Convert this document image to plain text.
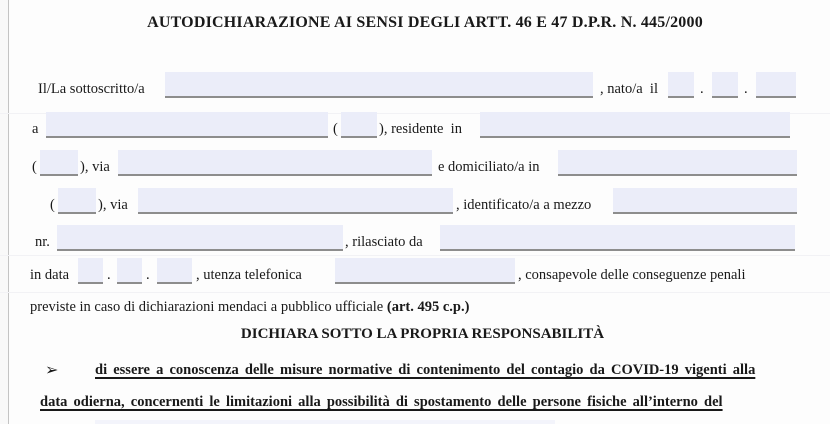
AUTODICHIARAZIONE AI SENSI DEGLI ARTT. 46 E 47 D.P.R. N. 445/2000
Il/La sottoscritto/a	, nato/a  il	.	.
a	(	), residente  in
(	), via	e domiciliato/a in
(	), via	, identificato/a a mezzo
nr.	, rilasciato da
in data	. .	, utenza telefonica	, consapevole delle conseguenze penali
previste in caso di dichiarazioni mendaci a pubblico ufficiale (art. 495 c.p.)
DICHIARA SOTTO LA PROPRIA RESPONSABILITÀ
➢	di essere a conoscenza delle misure normative di contenimento del contagio da COVID-19 vigenti alla
data odierna, concernenti le limitazioni alla possibilità di spostamento delle persone fisiche all’interno del
